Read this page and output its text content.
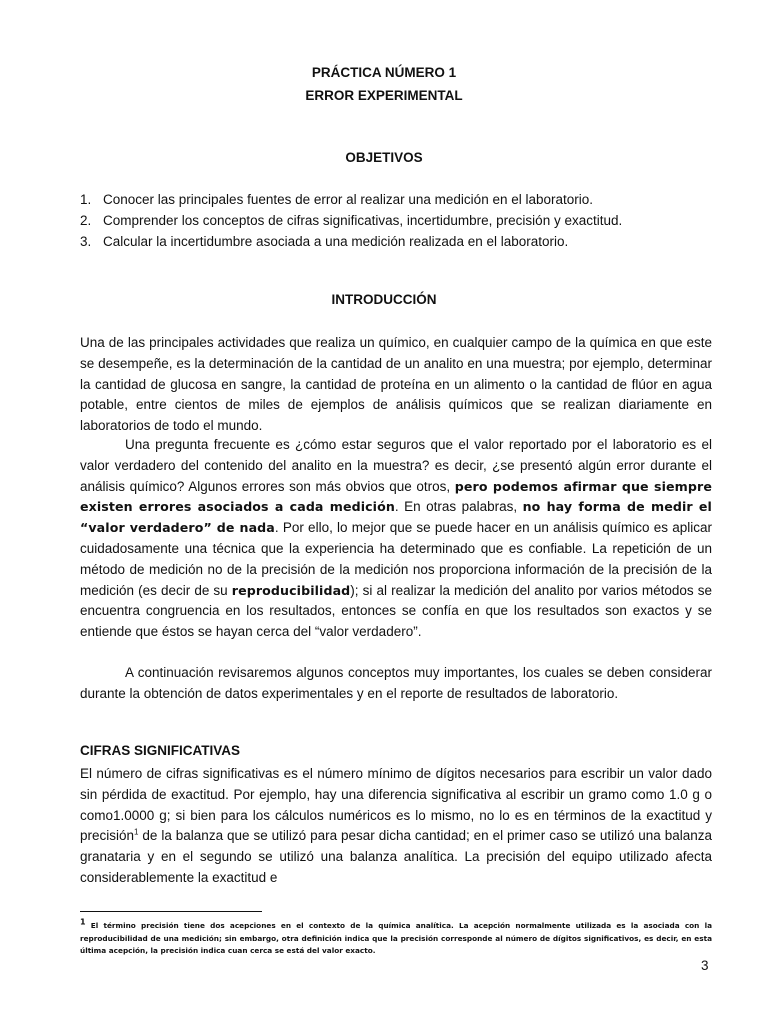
PRÁCTICA NÚMERO 1

ERROR EXPERIMENTAL

OBJETIVOS

1. Conocer las principales fuentes de error al realizar una medición en el laboratorio.
2. Comprender los conceptos de cifras significativas, incertidumbre, precisión y exactitud.
3. Calcular la incertidumbre asociada a una medición realizada en el laboratorio.

INTRODUCCIÓN

Una de las principales actividades que realiza un químico, en cualquier campo de la química en que este se desempeñe, es la determinación de la cantidad de un analito en una muestra; por ejemplo, determinar la cantidad de glucosa en sangre, la cantidad de proteína en un alimento o la cantidad de flúor en agua potable, entre cientos de miles de ejemplos de análisis químicos que se realizan diariamente en laboratorios de todo el mundo.

Una pregunta frecuente es ¿cómo estar seguros que el valor reportado por el laboratorio es el valor verdadero del contenido del analito en la muestra? es decir, ¿se presentó algún error durante el análisis químico? Algunos errores son más obvios que otros, pero podemos afirmar que siempre existen errores asociados a cada medición. En otras palabras, no hay forma de medir el “valor verdadero” de nada. Por ello, lo mejor que se puede hacer en un análisis químico es aplicar cuidadosamente una técnica que la experiencia ha determinado que es confiable. La repetición de un método de medición no de la precisión de la medición nos proporciona información de la precisión de la medición (es decir de su reproducibilidad); si al realizar la medición del analito por varios métodos se encuentra congruencia en los resultados, entonces se confía en que los resultados son exactos y se entiende que éstos se hayan cerca del “valor verdadero”.

A continuación revisaremos algunos conceptos muy importantes, los cuales se deben considerar durante la obtención de datos experimentales y en el reporte de resultados de laboratorio.

CIFRAS SIGNIFICATIVAS

El número de cifras significativas es el número mínimo de dígitos necesarios para escribir un valor dado sin pérdida de exactitud. Por ejemplo, hay una diferencia significativa al escribir un gramo como 1.0 g o como1.0000 g; si bien para los cálculos numéricos es lo mismo, no lo es en términos de la exactitud y precisión$^1$ de la balanza que se utilizó para pesar dicha cantidad; en el primer caso se utilizó una balanza granataria y en el segundo se utilizó una balanza analítica. La precisión del equipo utilizado afecta considerablemente la exactitud e

$^1$ El término precisión tiene dos acepciones en el contexto de la química analítica. La acepción normalmente utilizada es la asociada con la reproducibilidad de una medición; sin embargo, otra definición indica que la precisión corresponde al número de dígitos significativos, es decir, en esta última acepción, la precisión indica cuan cerca se está del valor exacto.

3
